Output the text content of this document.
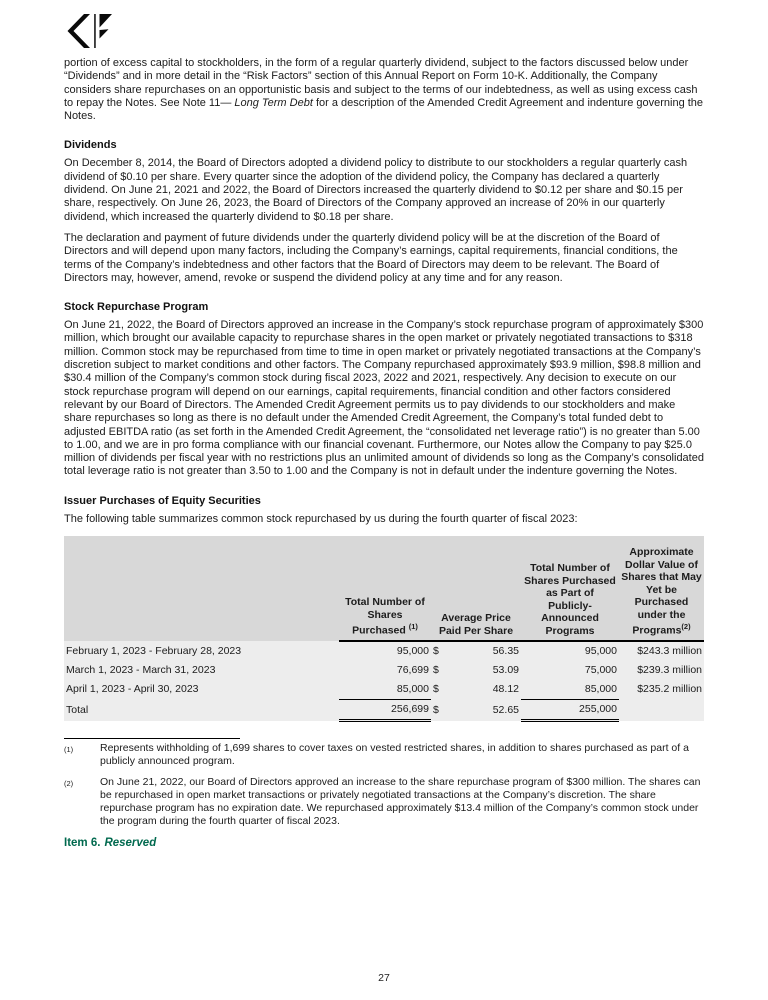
portion of excess capital to stockholders, in the form of a regular quarterly dividend, subject to the factors discussed below under “Dividends” and in more detail in the “Risk Factors” section of this Annual Report on Form 10-K. Additionally, the Company considers share repurchases on an opportunistic basis and subject to the terms of our indebtedness, as well as using excess cash to repay the Notes. See Note 11— Long Term Debt for a description of the Amended Credit Agreement and indenture governing the Notes.

Dividends

On December 8, 2014, the Board of Directors adopted a dividend policy to distribute to our stockholders a regular quarterly cash dividend of $0.10 per share. Every quarter since the adoption of the dividend policy, the Company has declared a quarterly dividend. On June 21, 2021 and 2022, the Board of Directors increased the quarterly dividend to $0.12 per share and $0.15 per share, respectively. On June 26, 2023, the Board of Directors of the Company approved an increase of 20% in our quarterly dividend, which increased the quarterly dividend to $0.18 per share.

The declaration and payment of future dividends under the quarterly dividend policy will be at the discretion of the Board of Directors and will depend upon many factors, including the Company’s earnings, capital requirements, financial conditions, the terms of the Company’s indebtedness and other factors that the Board of Directors may deem to be relevant. The Board of Directors may, however, amend, revoke or suspend the dividend policy at any time and for any reason.

Stock Repurchase Program

On June 21, 2022, the Board of Directors approved an increase in the Company’s stock repurchase program of approximately $300 million, which brought our available capacity to repurchase shares in the open market or privately negotiated transactions to $318 million. Common stock may be repurchased from time to time in open market or privately negotiated transactions at the Company’s discretion subject to market conditions and other factors. The Company repurchased approximately $93.9 million, $98.8 million and $30.4 million of the Company’s common stock during fiscal 2023, 2022 and 2021, respectively. Any decision to execute on our stock repurchase program will depend on our earnings, capital requirements, financial condition and other factors considered relevant by our Board of Directors. The Amended Credit Agreement permits us to pay dividends to our stockholders and make share repurchases so long as there is no default under the Amended Credit Agreement, the Company’s total funded debt to adjusted EBITDA ratio (as set forth in the Amended Credit Agreement, the “consolidated net leverage ratio”) is no greater than 5.00 to 1.00, and we are in pro forma compliance with our financial covenant. Furthermore, our Notes allow the Company to pay $25.0 million of dividends per fiscal year with no restrictions plus an unlimited amount of dividends so long as the Company’s consolidated total leverage ratio is not greater than 3.50 to 1.00 and the Company is not in default under the indenture governing the Notes.

Issuer Purchases of Equity Securities

The following table summarizes common stock repurchased by us during the fourth quarter of fiscal 2023:

	Total Number of Shares Purchased $^{(1)}$	Average Price Paid Per Share		Total Number of Shares Purchased as Part of Publicly-Announced Programs	Approximate Dollar Value of Shares that May Yet be Purchased under the Programs$^{(2)}$
February 1, 2023 - February 28, 2023	95,000	$	56.35	95,000	$243.3 million
March 1, 2023 - March 31, 2023	76,699	$	53.09	75,000	$239.3 million
April 1, 2023 - April 30, 2023	85,000	$	48.12	85,000	$235.2 million
Total	256,699	$	52.65	255,000	
(1)	Represents withholding of 1,699 shares to cover taxes on vested restricted shares, in addition to shares purchased as part of a publicly announced program.
(2)	On June 21, 2022, our Board of Directors approved an increase to the share repurchase program of $300 million. The shares can be repurchased in open market transactions or privately negotiated transactions at the Company’s discretion. The share repurchase program has no expiration date. We repurchased approximately $13.4 million of the Company’s common stock under the program during the fourth quarter of fiscal 2023.
Item 6. Reserved
27
